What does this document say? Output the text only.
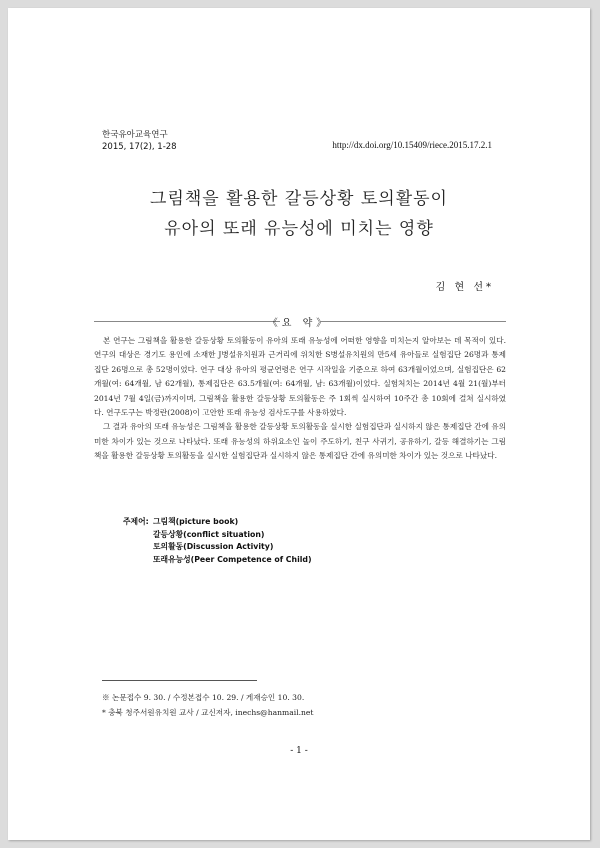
한국유아교육연구
2015, 17(2), 1-28	http://dx.doi.org/10.15409/riece.2015.17.2.1
그림책을 활용한 갈등상황 토의활동이
유아의 또래 유능성에 미치는 영향
김 현 선*
《요 약》

본 연구는 그림책을 활용한 갈등상황 토의활동이 유아의 또래 유능성에 어떠한 영향을 미치는지 알아보는 데 목적이 있다. 연구의 대상은 경기도 용인에 소재한 J병설유치원과 근거리에 위치한 S병설유치원의 만5세 유아들로 실험집단 26명과 통제집단 26명으로 총 52명이었다. 연구 대상 유아의 평균연령은 연구 시작일을 기준으로 하여 63개월이었으며, 실험집단은 62개월(여: 64개월, 남 62개월), 통제집단은 63.5개월(여: 64개월, 남: 63개월)이었다. 실험처치는 2014년 4월 21(월)부터 2014년 7월 4일(금)까지이며, 그림책을 활용한 갈등상황 토의활동은 주 1회씩 실시하여 10주간 총 10회에 걸쳐 실시하였다. 연구도구는 박정란(2008)이 고안한 또래 유능성 검사도구를 사용하였다.

그 결과 유아의 또래 유능성은 그림책을 활용한 갈등상황 토의활동을 실시한 실험집단과 실시하지 않은 통제집단 간에 유의미한 차이가 있는 것으로 나타났다. 또래 유능성의 하위요소인 놀이 주도하기, 친구 사귀기, 공유하기, 갈등 해결하기는 그림책을 활용한 갈등상황 토의활동을 실시한 실험집단과 실시하지 않은 통제집단 간에 유의미한 차이가 있는 것으로 나타났다.

주제어: 그림책(picture book)
갈등상황(conflict situation)
토의활동(Discussion Activity)
또래유능성(Peer Competence of Child)
※ 논문접수 9. 30. / 수정본접수 10. 29. / 게재승인 10. 30.
* 충북 청주서원유치원 교사 / 교신저자, inechs@hanmail.net
- 1 -
